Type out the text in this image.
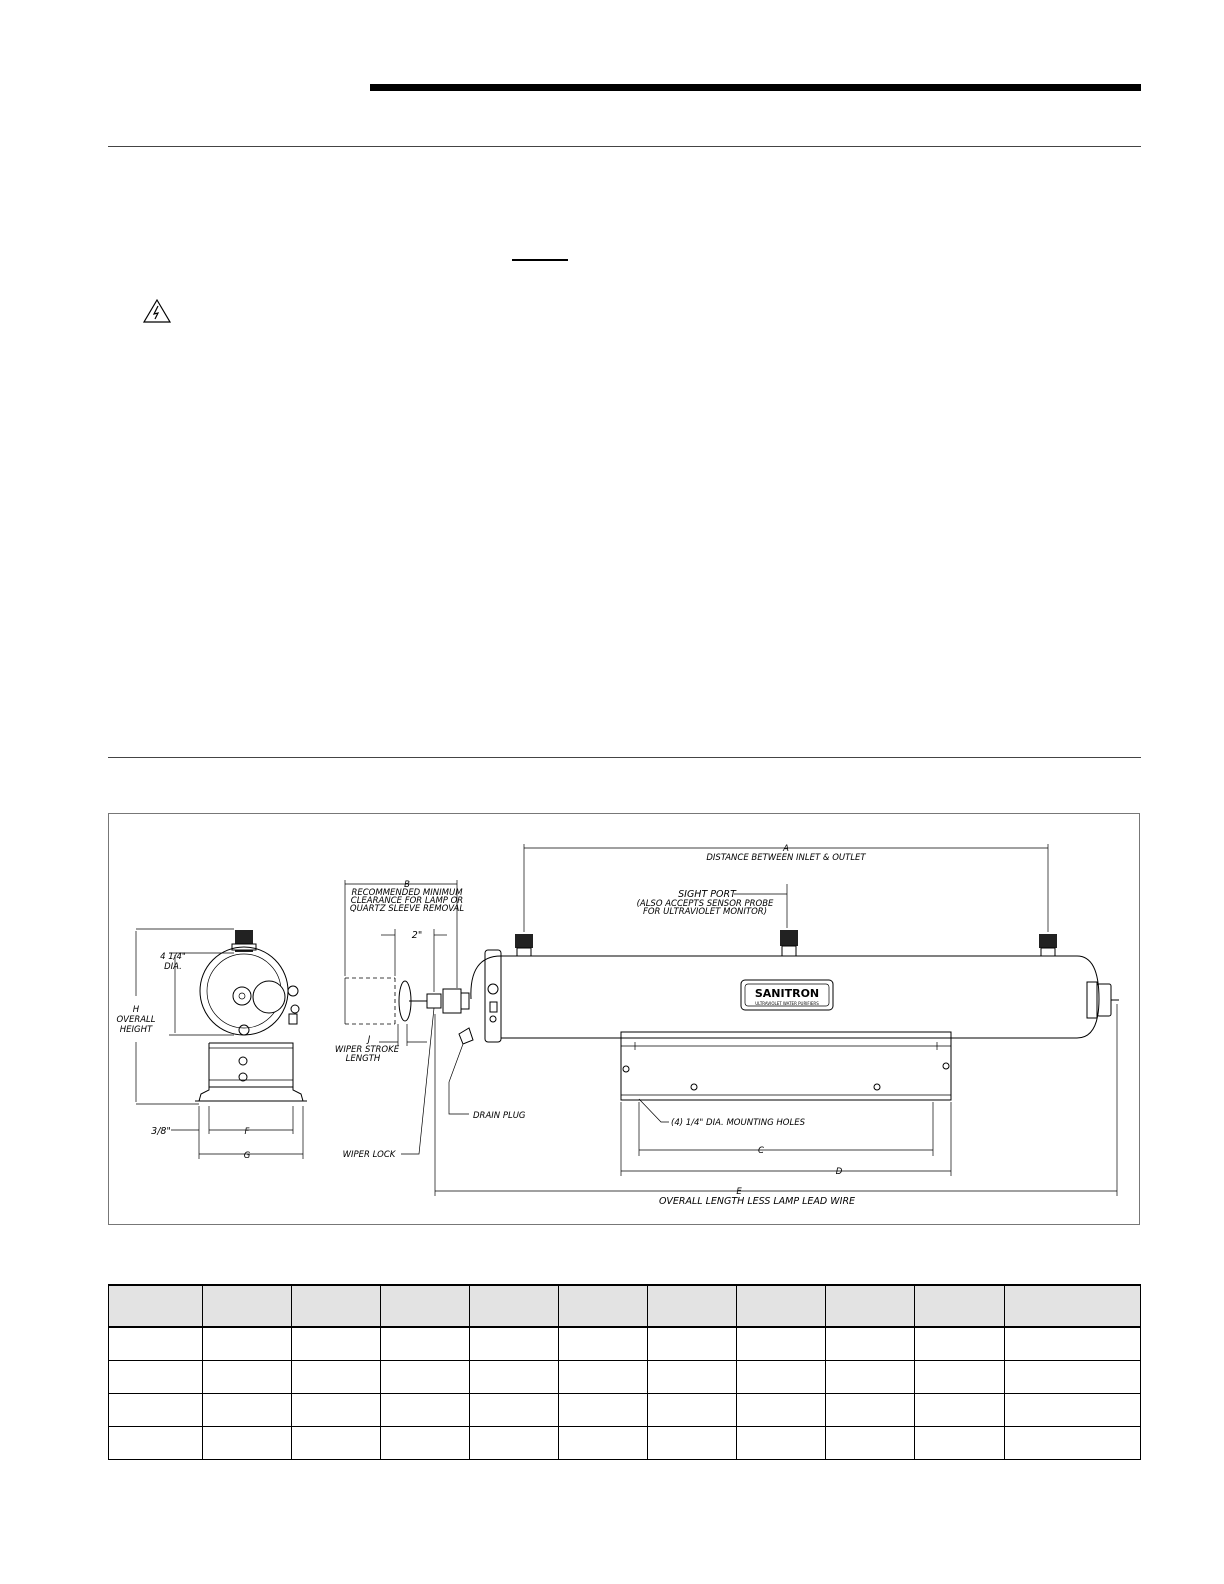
H
OVERALL
HEIGHT
4 1/4"
DIA.
3/8"	F
G
SANITRON
ULTRAVIOLET WATER PURIFIERS
A
DISTANCE BETWEEN INLET & OUTLET
SIGHT PORT
(ALSO ACCEPTS SENSOR PROBE
FOR ULTRAVIOLET MONITOR)
B
RECOMMENDED MINIMUM
CLEARANCE FOR LAMP OR
QUARTZ SLEEVE REMOVAL
2"
J
WIPER STROKE
LENGTH
DRAIN PLUG
WIPER LOCK
(4) 1/4" DIA. MOUNTING HOLES
C
D
E
OVERALL LENGTH LESS LAMP LEAD WIRE
